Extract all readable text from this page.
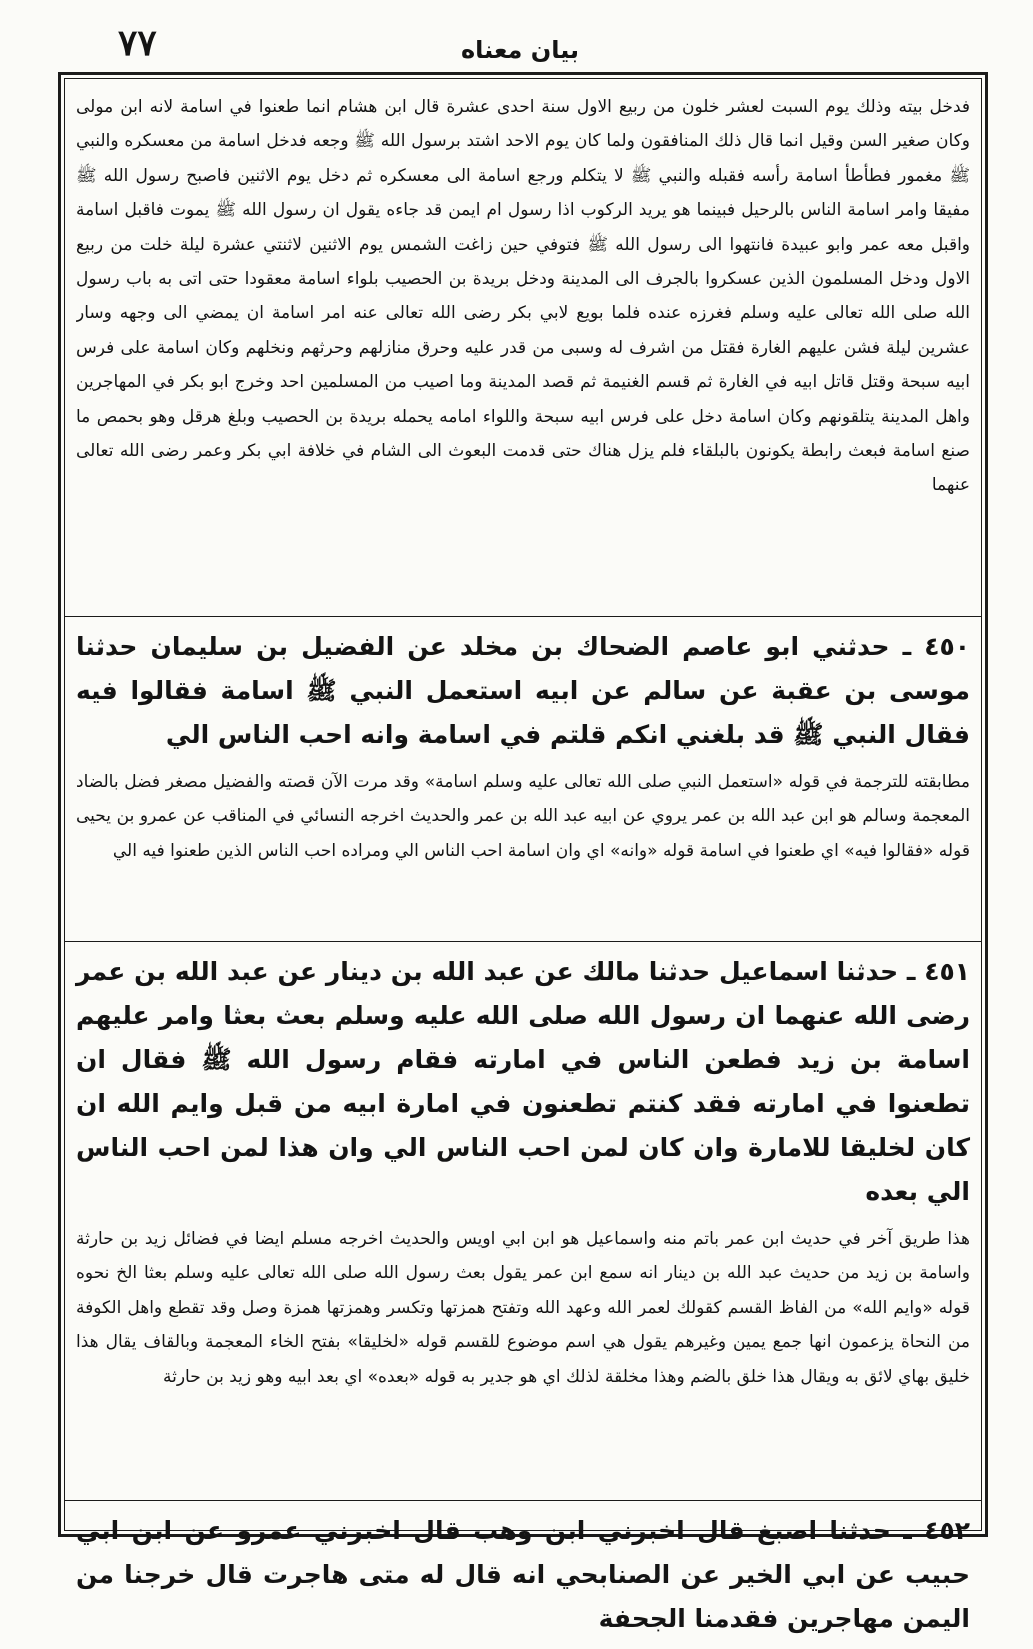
٧٧	بيان معناه

فدخل بيته وذلك يوم السبت لعشر خلون من ربيع الاول سنة احدى عشرة قال ابن هشام انما طعنوا في اسامة لانه ابن مولى وكان صغير السن وقيل انما قال ذلك المنافقون ولما كان يوم الاحد اشتد برسول الله ﷺ وجعه فدخل اسامة من معسكره والنبي ﷺ مغمور فطأطأ اسامة رأسه فقبله والنبي ﷺ لا يتكلم ورجع اسامة الى معسكره ثم دخل يوم الاثنين فاصبح رسول الله ﷺ مفيقا وامر اسامة الناس بالرحيل فبينما هو يريد الركوب اذا رسول ام ايمن قد جاءه يقول ان رسول الله ﷺ يموت فاقبل اسامة واقبل معه عمر وابو عبيدة فانتهوا الى رسول الله ﷺ فتوفي حين زاغت الشمس يوم الاثنين لاثنتي عشرة ليلة خلت من ربيع الاول ودخل المسلمون الذين عسكروا بالجرف الى المدينة ودخل بريدة بن الحصيب بلواء اسامة معقودا حتى اتى به باب رسول الله صلى الله تعالى عليه وسلم فغرزه عنده فلما بويع لابي بكر رضى الله تعالى عنه امر اسامة ان يمضي الى وجهه وسار عشرين ليلة فشن عليهم الغارة فقتل من اشرف له وسبى من قدر عليه وحرق منازلهم وحرثهم ونخلهم وكان اسامة على فرس ابيه سبحة وقتل قاتل ابيه في الغارة ثم قسم الغنيمة ثم قصد المدينة وما اصيب من المسلمين احد وخرج ابو بكر في المهاجرين واهل المدينة يتلقونهم وكان اسامة دخل على فرس ابيه سبحة واللواء امامه يحمله بريدة بن الحصيب وبلغ هرقل وهو بحمص ما صنع اسامة فبعث رابطة يكونون بالبلقاء فلم يزل هناك حتى قدمت البعوث الى الشام في خلافة ابي بكر وعمر رضى الله تعالى عنهما

٤٥٠ ـ حدثني ابو عاصم الضحاك بن مخلد عن الفضيل بن سليمان حدثنا موسى بن عقبة عن سالم عن ابيه استعمل النبي ﷺ اسامة فقالوا فيه فقال النبي ﷺ قد بلغني انكم قلتم في اسامة وانه احب الناس الي

مطابقته للترجمة في قوله «استعمل النبي صلى الله تعالى عليه وسلم اسامة» وقد مرت الآن قصته والفضيل مصغر فضل بالضاد المعجمة وسالم هو ابن عبد الله بن عمر يروي عن ابيه عبد الله بن عمر والحديث اخرجه النسائي في المناقب عن عمرو بن يحيى قوله «فقالوا فيه» اي طعنوا في اسامة قوله «وانه» اي وان اسامة احب الناس الي ومراده احب الناس الذين طعنوا فيه الي

٤٥١ ـ حدثنا اسماعيل حدثنا مالك عن عبد الله بن دينار عن عبد الله بن عمر رضى الله عنهما ان رسول الله صلى الله عليه وسلم بعث بعثا وامر عليهم اسامة بن زيد فطعن الناس في امارته فقام رسول الله ﷺ فقال ان تطعنوا في امارته فقد كنتم تطعنون في امارة ابيه من قبل وايم الله ان كان لخليقا للامارة وان كان لمن احب الناس الي وان هذا لمن احب الناس الي بعده

هذا طريق آخر في حديث ابن عمر باتم منه واسماعيل هو ابن ابي اويس والحديث اخرجه مسلم ايضا في فضائل زيد بن حارثة واسامة بن زيد من حديث عبد الله بن دينار انه سمع ابن عمر يقول بعث رسول الله صلى الله تعالى عليه وسلم بعثا الخ نحوه قوله «وايم الله» من الفاظ القسم كقولك لعمر الله وعهد الله وتفتح همزتها وتكسر وهمزتها همزة وصل وقد تقطع واهل الكوفة من النحاة يزعمون انها جمع يمين وغيرهم يقول هي اسم موضوع للقسم قوله «لخليقا» بفتح الخاء المعجمة وبالقاف يقال هذا خليق بهاي لائق به ويقال هذا خلق بالضم وهذا مخلقة لذلك اي هو جدير به قوله «بعده» اي بعد ابيه وهو زيد بن حارثة

٤٥٢ ـ حدثنا اصبغ قال اخبرني ابن وهب قال اخبرني عمرو عن ابن ابي حبيب عن ابي الخير عن الصنابحي انه قال له متى هاجرت قال خرجنا من اليمن مهاجرين فقدمنا الجحفة
